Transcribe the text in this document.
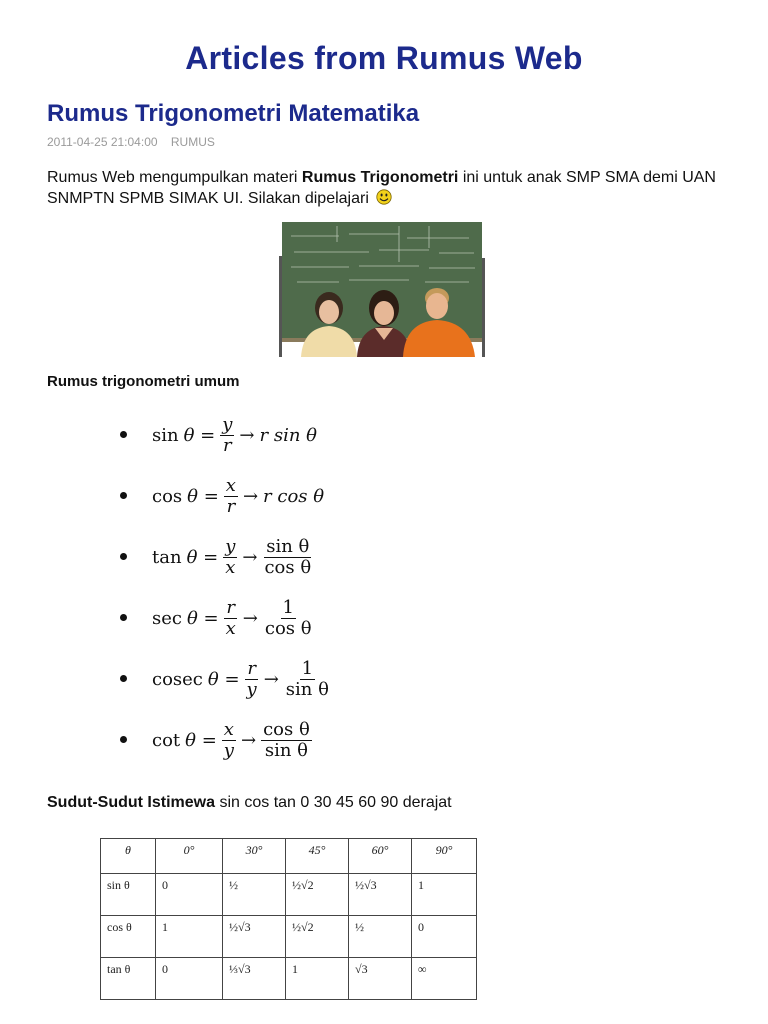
Articles from Rumus Web
Rumus Trigonometri Matematika
2011-04-25 21:04:00 RUMUS
Rumus Web mengumpulkan materi Rumus Trigonometri ini untuk anak SMP SMA demi UAN SNMPTN SPMB SIMAK UI. Silakan dipelajari
Rumus trigonometri umum
$\sin \theta = \frac{y}{r} \to r$ sin θ
$\cos \theta = \frac{x}{r} \to r$ cos θ
$\tan \theta = \frac{y}{x} \to \frac{\text{sin θ}}{\text{cos θ}}$
$\sec \theta = \frac{r}{x} \to \frac{1}{\text{cos θ}}$
cosec $\theta = \frac{r}{y} \to \frac{1}{\text{sin θ}}$
$\cot \theta = \frac{x}{y} \to \frac{\text{cos θ}}{\text{sin θ}}$
Sudut-Sudut Istimewa sin cos tan 0 30 45 60 90 derajat
θ	0°	30°	45°	60°	90°
sin θ	0	½	½√2	½√3	1
cos θ	1	½√3	½√2	½	0
tan θ	0	⅓√3	1	√3	∞
